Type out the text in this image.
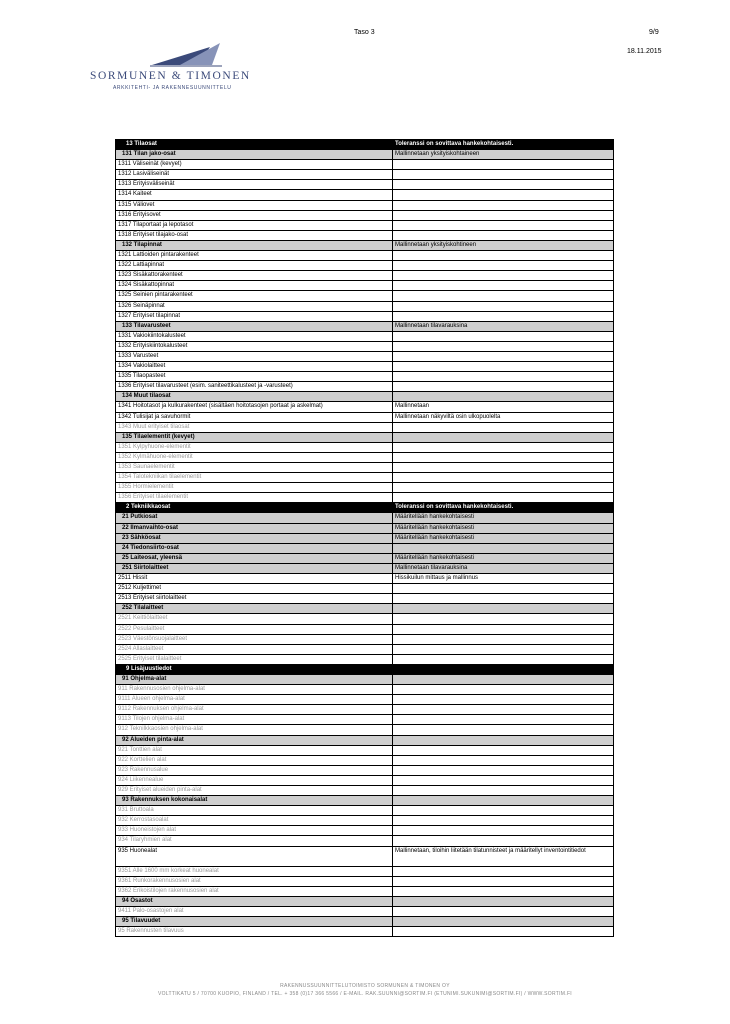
Taso 3	9/9
18.11.2015
SORMUNEN & TIMONEN
ARKKITEHTI- JA RAKENNESUUNNITTELU
13 Tilaosat	Toleranssi on sovittava hankekohtaisesti.
131 Tilan jako-osat	Mallinnetaan yksityiskohtaineen
1311 Väliseinät (kevyet)	
1312 Lasiväliseinät	
1313 Erityisväliseinät	
1314 Kaiteet	
1315 Väliovet	
1316 Erityisovet	
1317 Tilaportaat ja lepotasot	
1318 Erityiset tilajako-osat	
132 Tilapinnat	Mallinnetaan yksityiskohtineen
1321 Lattioiden pintarakenteet	
1322 Lattiapinnat	
1323 Sisäkattorakenteet	
1324 Sisäkattopinnat	
1325 Seinien pintarakenteet	
1326 Seinäpinnat	
1327 Erityiset tilapinnat	
133 Tilavarusteet	Mallinnetaan tilavarauksina
1331 Vakiokiintokalusteet	
1332 Erityiskiintokalusteet	
1333 Varusteet	
1334 Vakiolaitteet	
1335 Tilaopasteet	
1336 Erityiset tilavarusteet (esim. saniteettikalusteet ja -varusteet)	
134 Muut tilaosat	
1341 Hoitotasot ja kulkurakenteet (sisältäen hoitotasojen portaat ja askelmat)	Mallinnetaan
1342 Tulisijat ja savuhormit	Mallinnetaan näkyviltä osin ulkopuolelta
1343 Muut erityiset tilaosat	
135 Tilaelementit (kevyet)	
1351 Kylpyhuone-elementit	
1352 Kylmähuone-elementit	
1353 Saunaelementit	
1354 Talotekniikan tilaelementit	
1355 Hormielementit	
1356 Erityiset tilaelementit	
2 Tekniikkaosat	Toleranssi on sovittava hankekohtaisesti.
21 Putkiosat	Määritellään hankekohtaisesti
22 Ilmanvaihto-osat	Määritellään hankekohtaisesti
23 Sähköosat	Määritellään hankekohtaisesti
24 Tiedonsiirto-osat	
25 Laiteosat, yleensä	Määritellään hankekohtaisesti
251 Siirtolaitteet	Mallinnetaan tilavarauksina
2511 Hissit	Hissikuilun mittaus ja mallinnus
2512 Kuljettimet	
2513 Erityiset siirtolaitteet	
252 Tilalaitteet	
2521 Keittiölaitteet	
2522 Pesulaitteet	
2523 Väestönsuojalaitteet	
2524 Allaslaitteet	
2525 Erityiset tilalaitteet	
9 Lisäjuustiedot	
91 Ohjelma-alat	
911 Rakennusosien ohjelma-alat	
9111 Alueen ohjelma-alat	
9112 Rakennuksen ohjelma-alat	
9113 Tilojen ohjelma-alat	
912 Teknilkkaosien ohjelma-alat	
92 Alueiden pinta-alat	
921 Tonttien alat	
922 Korttelien alat	
923 Rakennusalue	
924 Liikennealue	
929 Erityiset alueiden pinta-alat	
93 Rakennuksen kokonaisalat	
931 Bruttoala	
932 Kerrostasoalat	
933 Huoneistojen alat	
934 Tilaryhmien alat	
935 Huonealat	Mallinnetaan, tiloihin liitetään tilatunnisteet ja määritellyt inventointitiedot
9351 Alle 1600 mm korkeat huonealat	
9361 Runkorakennusosien alat	
9362 Erikoistilojen rakennusosien alat	
94 Osastot	
9411 Palo-osastojen alat	
95 Tilavuudet	
95 Rakennusten tilavuus	
RAKENNUSSUUNNITTELUTOIMISTO SORMUNEN & TIMONEN OY
VOLTTIKATU 5 / 70700 KUOPIO, FINLAND / TEL. + 358 (0)17 366 5566 / E-MAIL. RAK.SUUNNI@SORTIM.FI (ETUNIMI.SUKUNIMI@SORTIM.FI) / WWW.SORTIM.FI
